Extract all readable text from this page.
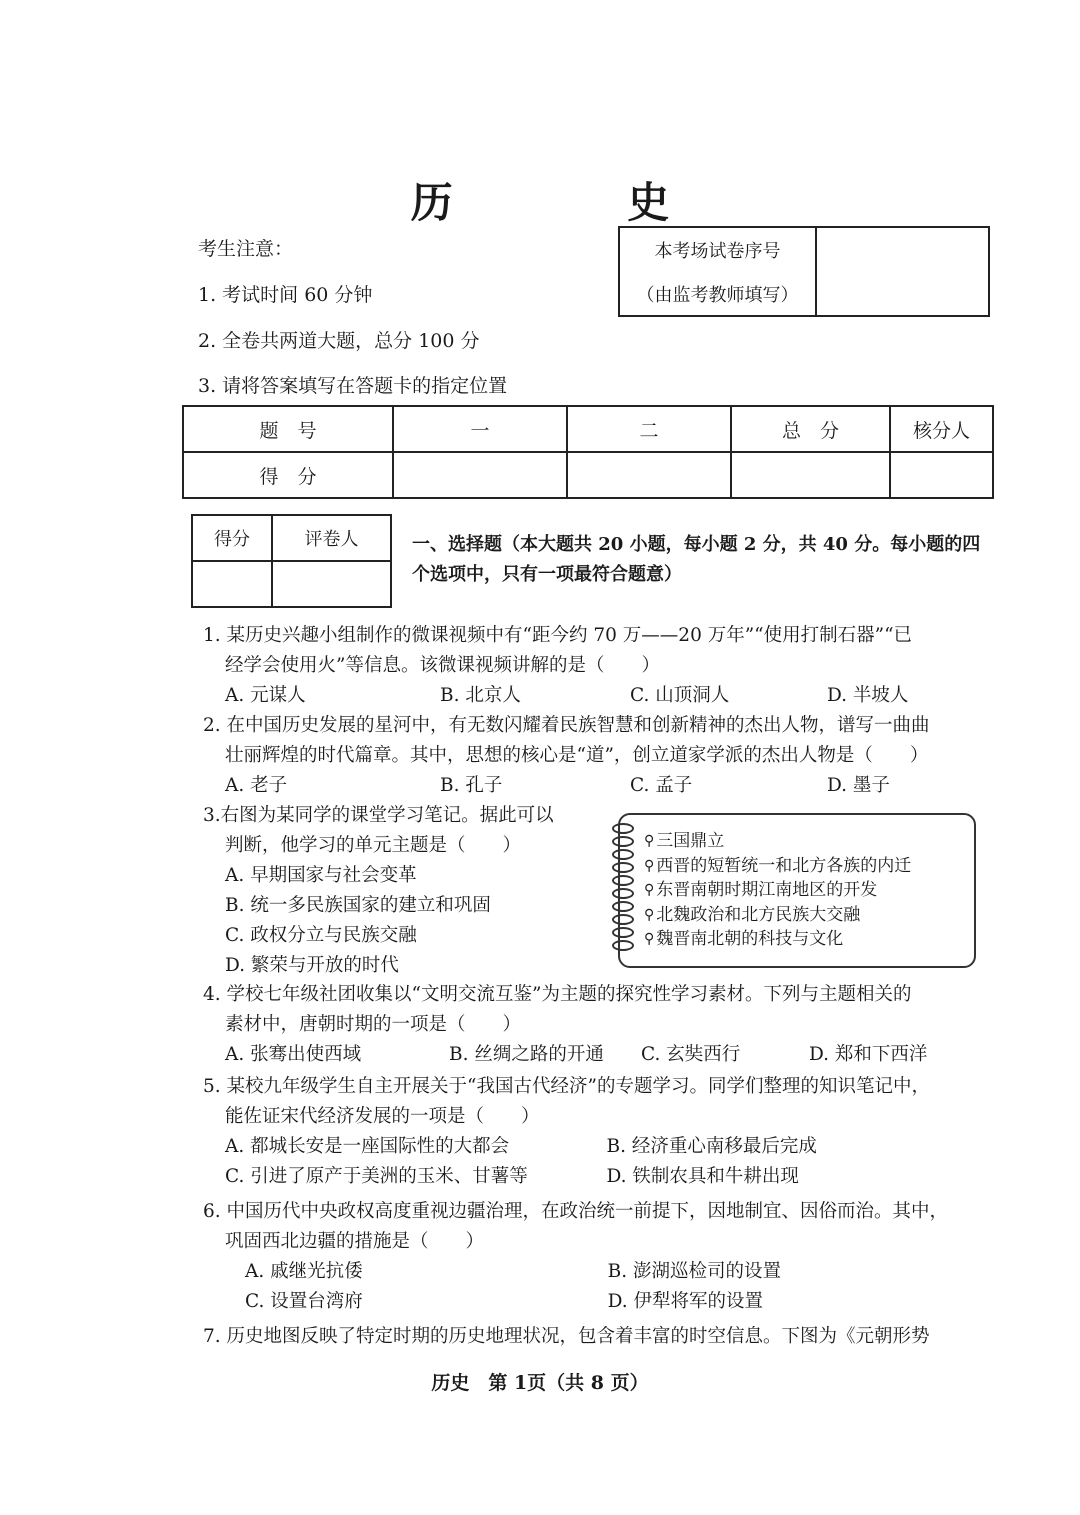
历 史
考生注意：
1. 考试时间 60 分钟
2. 全卷共两道大题，总分 100 分
3. 请将答案填写在答题卡的指定位置
本考场试卷序号
（由监考教师填写）
题　号	一	二	总　分	核分人
得　分				
得分	评卷人
		一、选择题（本大题共 20 小题，每小题 2 分，共 40 分。每小题的四个选项中，只有一项最符合题意）
1. 某历史兴趣小组制作的微课视频中有“距今约 70 万——20 万年”“使用打制石器”“已
经学会使用火”等信息。该微课视频讲解的是（　　）
A. 元谋人	B. 北京人	C. 山顶洞人	D. 半坡人
2. 在中国历史发展的星河中，有无数闪耀着民族智慧和创新精神的杰出人物，谱写一曲曲
壮丽辉煌的时代篇章。其中，思想的核心是“道”，创立道家学派的杰出人物是（　　）
A. 老子	B. 孔子	C. 孟子	D. 墨子
3.右图为某同学的课堂学习笔记。据此可以
判断，他学习的单元主题是（　　）
A. 早期国家与社会变革
B. 统一多民族国家的建立和巩固
C. 政权分立与民族交融
D. 繁荣与开放的时代
⚲ 三国鼎立
⚲ 西晋的短暂统一和北方各族的内迁
⚲ 东晋南朝时期江南地区的开发
⚲ 北魏政治和北方民族大交融
⚲ 魏晋南北朝的科技与文化
4. 学校七年级社团收集以“文明交流互鉴”为主题的探究性学习素材。下列与主题相关的
素材中，唐朝时期的一项是（　　）
A. 张骞出使西域	B. 丝绸之路的开通	C. 玄奘西行	D. 郑和下西洋
5. 某校九年级学生自主开展关于“我国古代经济”的专题学习。同学们整理的知识笔记中，
能佐证宋代经济发展的一项是（　　）
A. 都城长安是一座国际性的大都会	B. 经济重心南移最后完成
C. 引进了原产于美洲的玉米、甘薯等	D. 铁制农具和牛耕出现
6. 中国历代中央政权高度重视边疆治理，在政治统一前提下，因地制宜、因俗而治。其中，
巩固西北边疆的措施是（　　）
A. 戚继光抗倭	B. 澎湖巡检司的设置
C. 设置台湾府	D. 伊犁将军的设置
7. 历史地图反映了特定时期的历史地理状况，包含着丰富的时空信息。下图为《元朝形势
历史　第 1页（共 8 页）
